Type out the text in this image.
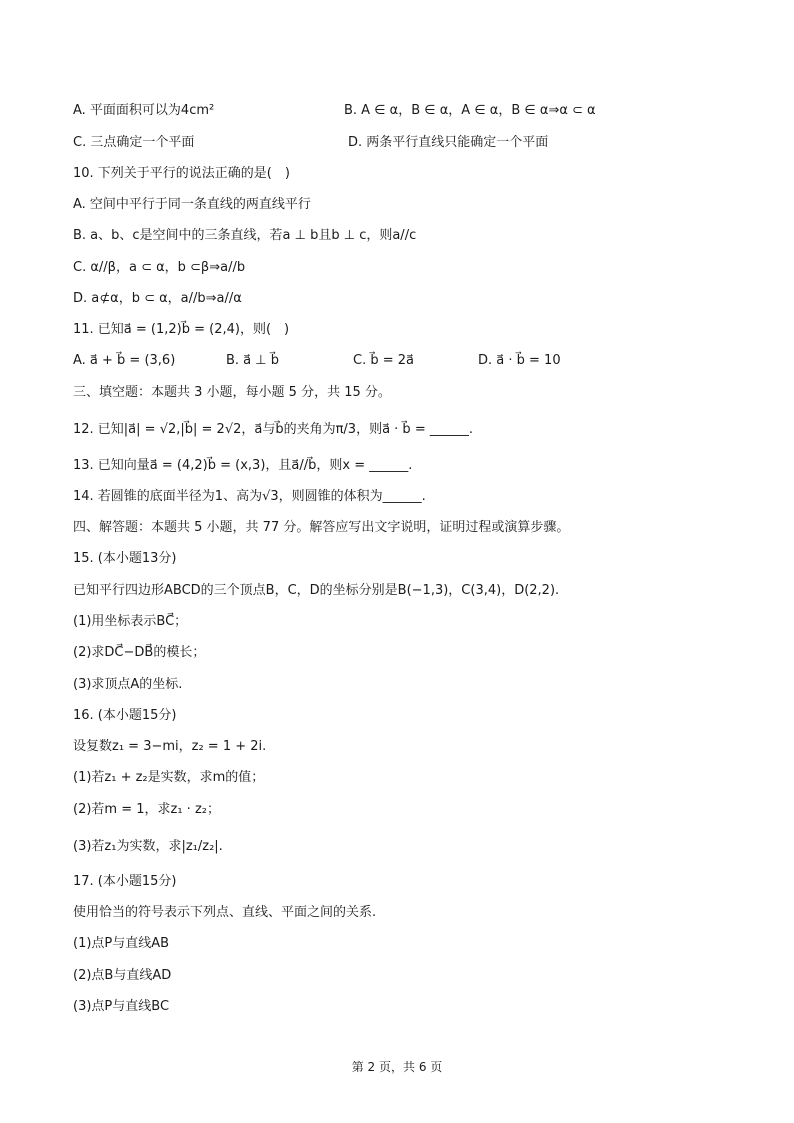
A. 平面面积可以为4cm²	B. A ∈ α，B ∈ α，A ∈ α，B ∈ α⇒α ⊂ α
C. 三点确定一个平面	D. 两条平行直线只能确定一个平面
10. 下列关于平行的说法正确的是(　)
A. 空间中平行于同一条直线的两直线平行
B. a、b、c是空间中的三条直线，若a ⊥ b且b ⊥ c，则a//c
C. α//β，a ⊂ α，b ⊂β⇒a//b
D. a⊄α，b ⊂ α，a//b⇒a//α
11. 已知a⃗ = (1,2)b⃗ = (2,4)，则(　)
A. a⃗ + b⃗ = (3,6)	B. a⃗ ⊥ b⃗	C. b⃗ = 2a⃗	D. a⃗ · b⃗ = 10
三、填空题：本题共 3 小题，每小题 5 分，共 15 分。
12. 已知|a⃗| = √2,|b⃗| = 2√2，a⃗与b⃗的夹角为π/3，则a⃗ · b⃗ = ______.
13. 已知向量a⃗ = (4,2)b⃗ = (x,3)，且a⃗//b⃗，则x = ______.
14. 若圆锥的底面半径为1、高为√3，则圆锥的体积为______.
四、解答题：本题共 5 小题，共 77 分。解答应写出文字说明，证明过程或演算步骤。
15. (本小题13分)
已知平行四边形ABCD的三个顶点B，C，D的坐标分别是B(−1,3)，C(3,4)，D(2,2).
(1)用坐标表示BC⃗；
(2)求DC⃗−DB⃗的模长；
(3)求顶点A的坐标.
16. (本小题15分)
设复数z₁ = 3−mi，z₂ = 1 + 2i.
(1)若z₁ + z₂是实数，求m的值；
(2)若m = 1，求z₁ · z₂；
(3)若z₁为实数，求|z₁/z₂|.
17. (本小题15分)
使用恰当的符号表示下列点、直线、平面之间的关系.
(1)点P与直线AB
(2)点B与直线AD
(3)点P与直线BC
第 2 页，共 6 页
